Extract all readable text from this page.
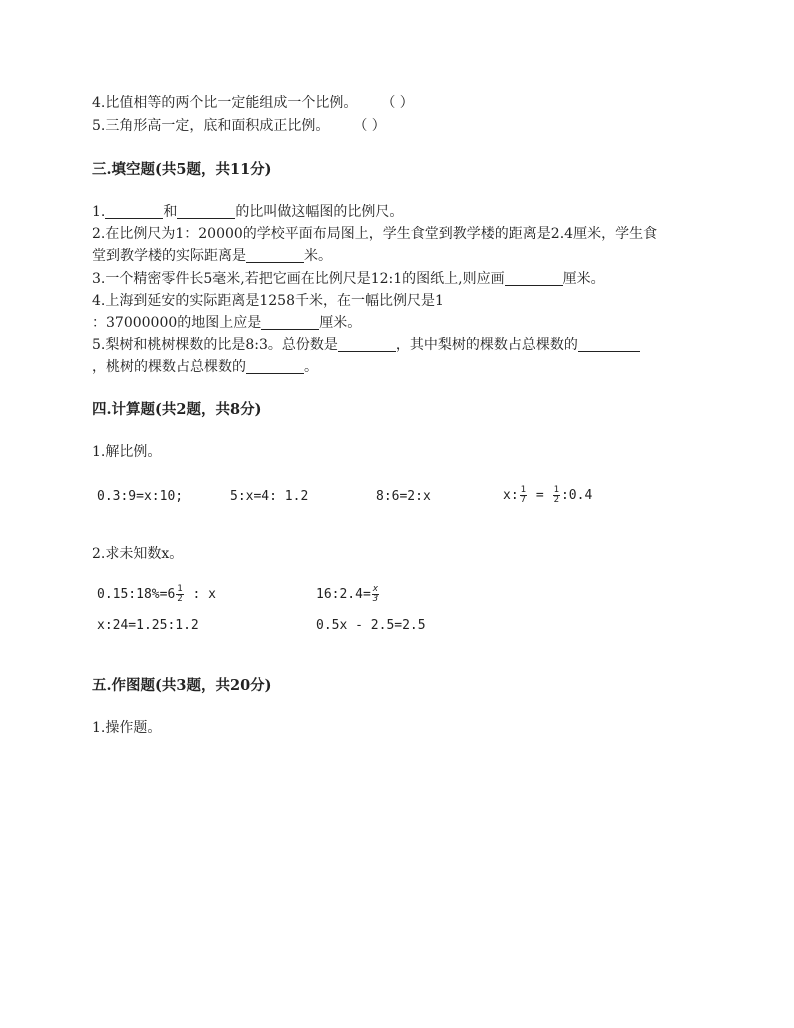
4.比值相等的两个比一定能组成一个比例。 （ ）
5.三角形高一定，底和面积成正比例。 （ ）
三.填空题(共5题，共11分)
1.	和	的比叫做这幅图的比例尺。
2.在比例尺为1：20000的学校平面布局图上，学生食堂到教学楼的距离是2.4厘米，学生食
堂到教学楼的实际距离是	米。
3.一个精密零件长5毫米,若把它画在比例尺是12:1的图纸上,则应画	厘米。
4.上海到延安的实际距离是1258千米，在一幅比例尺是1
：37000000的地图上应是	厘米。
5.梨树和桃树棵数的比是8:3。总份数是	，其中梨树的棵数占总棵数的
，桃树的棵数占总棵数的	。
四.计算题(共2题，共8分)
1.解比例。
0.3:9=x:10;	5:x=4: 1.2	8:6=2:x	x: $\frac{1}{7} = \frac{1}{2}$ :0.4
2.求未知数x。
0.15:18%=6 $\frac{1}{2}$ : x	16:2.4= $\frac{x}{3}$
x:24=1.25:1.2	0.5x - 2.5=2.5
五.作图题(共3题，共20分)
1.操作题。
